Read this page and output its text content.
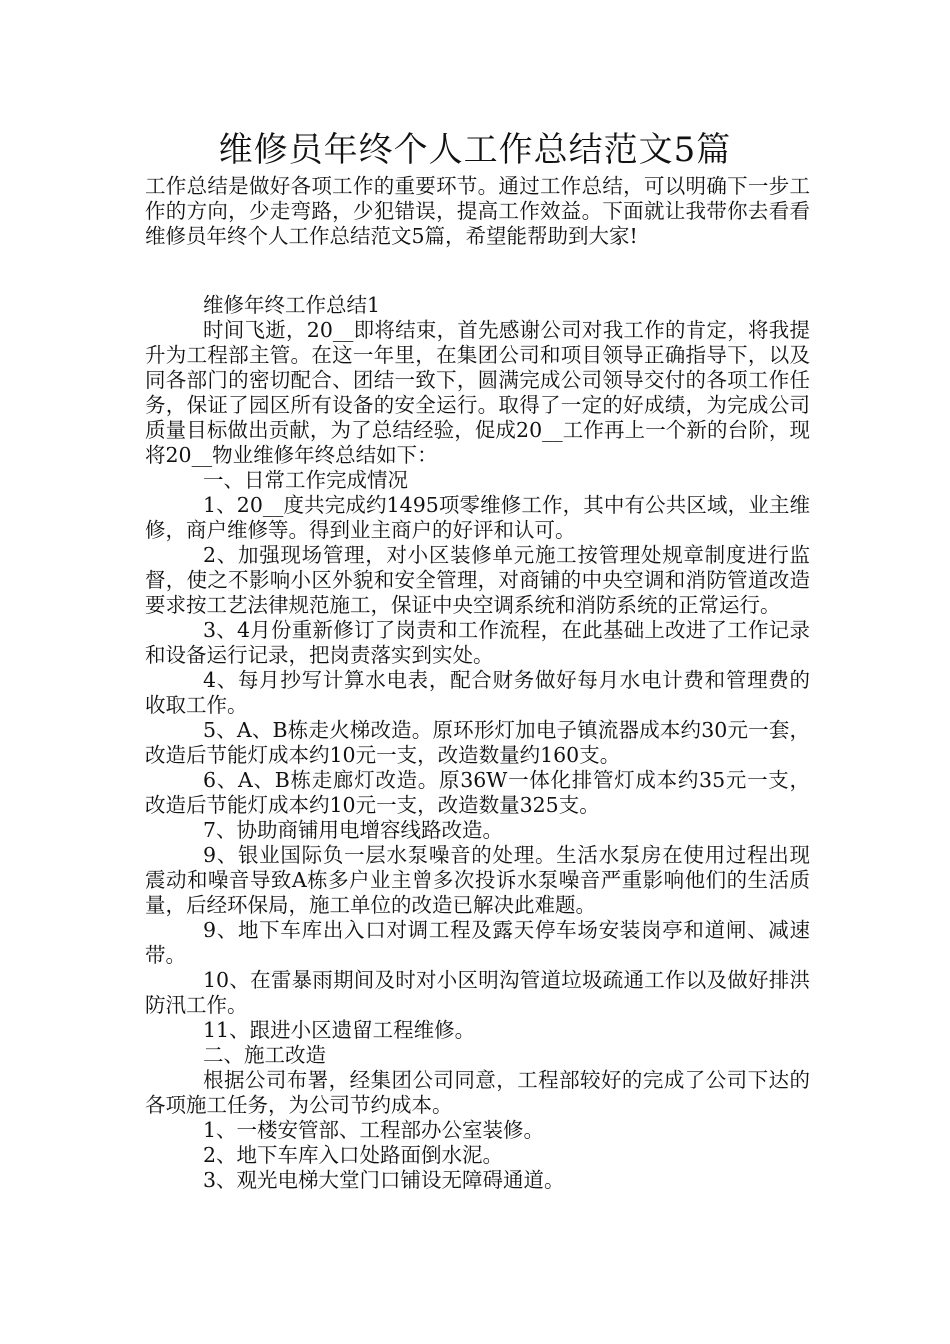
维修员年终个人工作总结范文5篇

工作总结是做好各项工作的重要环节。通过工作总结，可以明确下一步工作的方向，少走弯路，少犯错误，提高工作效益。下面就让我带你去看看维修员年终个人工作总结范文5篇，希望能帮助到大家!

维修年终工作总结1

时间飞逝，20__即将结束，首先感谢公司对我工作的肯定，将我提升为工程部主管。在这一年里，在集团公司和项目领导正确指导下，以及同各部门的密切配合、团结一致下，圆满完成公司领导交付的各项工作任务，保证了园区所有设备的安全运行。取得了一定的好成绩，为完成公司质量目标做出贡献，为了总结经验，促成20__工作再上一个新的台阶，现将20__物业维修年终总结如下：

一、日常工作完成情况

1、20__度共完成约1495项零维修工作，其中有公共区域，业主维修，商户维修等。得到业主商户的好评和认可。

2、加强现场管理，对小区装修单元施工按管理处规章制度进行监督，使之不影响小区外貌和安全管理，对商铺的中央空调和消防管道改造要求按工艺法律规范施工，保证中央空调系统和消防系统的正常运行。

3、4月份重新修订了岗责和工作流程，在此基础上改进了工作记录和设备运行记录，把岗责落实到实处。

4、每月抄写计算水电表，配合财务做好每月水电计费和管理费的收取工作。

5、A、B栋走火梯改造。原环形灯加电子镇流器成本约30元一套，改造后节能灯成本约10元一支，改造数量约160支。

6、A、B栋走廊灯改造。原36W一体化排管灯成本约35元一支，改造后节能灯成本约10元一支，改造数量325支。

7、协助商铺用电增容线路改造。

9、银业国际负一层水泵噪音的处理。生活水泵房在使用过程出现震动和噪音导致A栋多户业主曾多次投诉水泵噪音严重影响他们的生活质量，后经环保局，施工单位的改造已解决此难题。

9、地下车库出入口对调工程及露天停车场安装岗亭和道闸、减速带。

10、在雷暴雨期间及时对小区明沟管道垃圾疏通工作以及做好排洪防汛工作。

11、跟进小区遗留工程维修。

二、施工改造

根据公司布署，经集团公司同意，工程部较好的完成了公司下达的各项施工任务，为公司节约成本。

1、一楼安管部、工程部办公室装修。

2、地下车库入口处路面倒水泥。

3、观光电梯大堂门口铺设无障碍通道。
